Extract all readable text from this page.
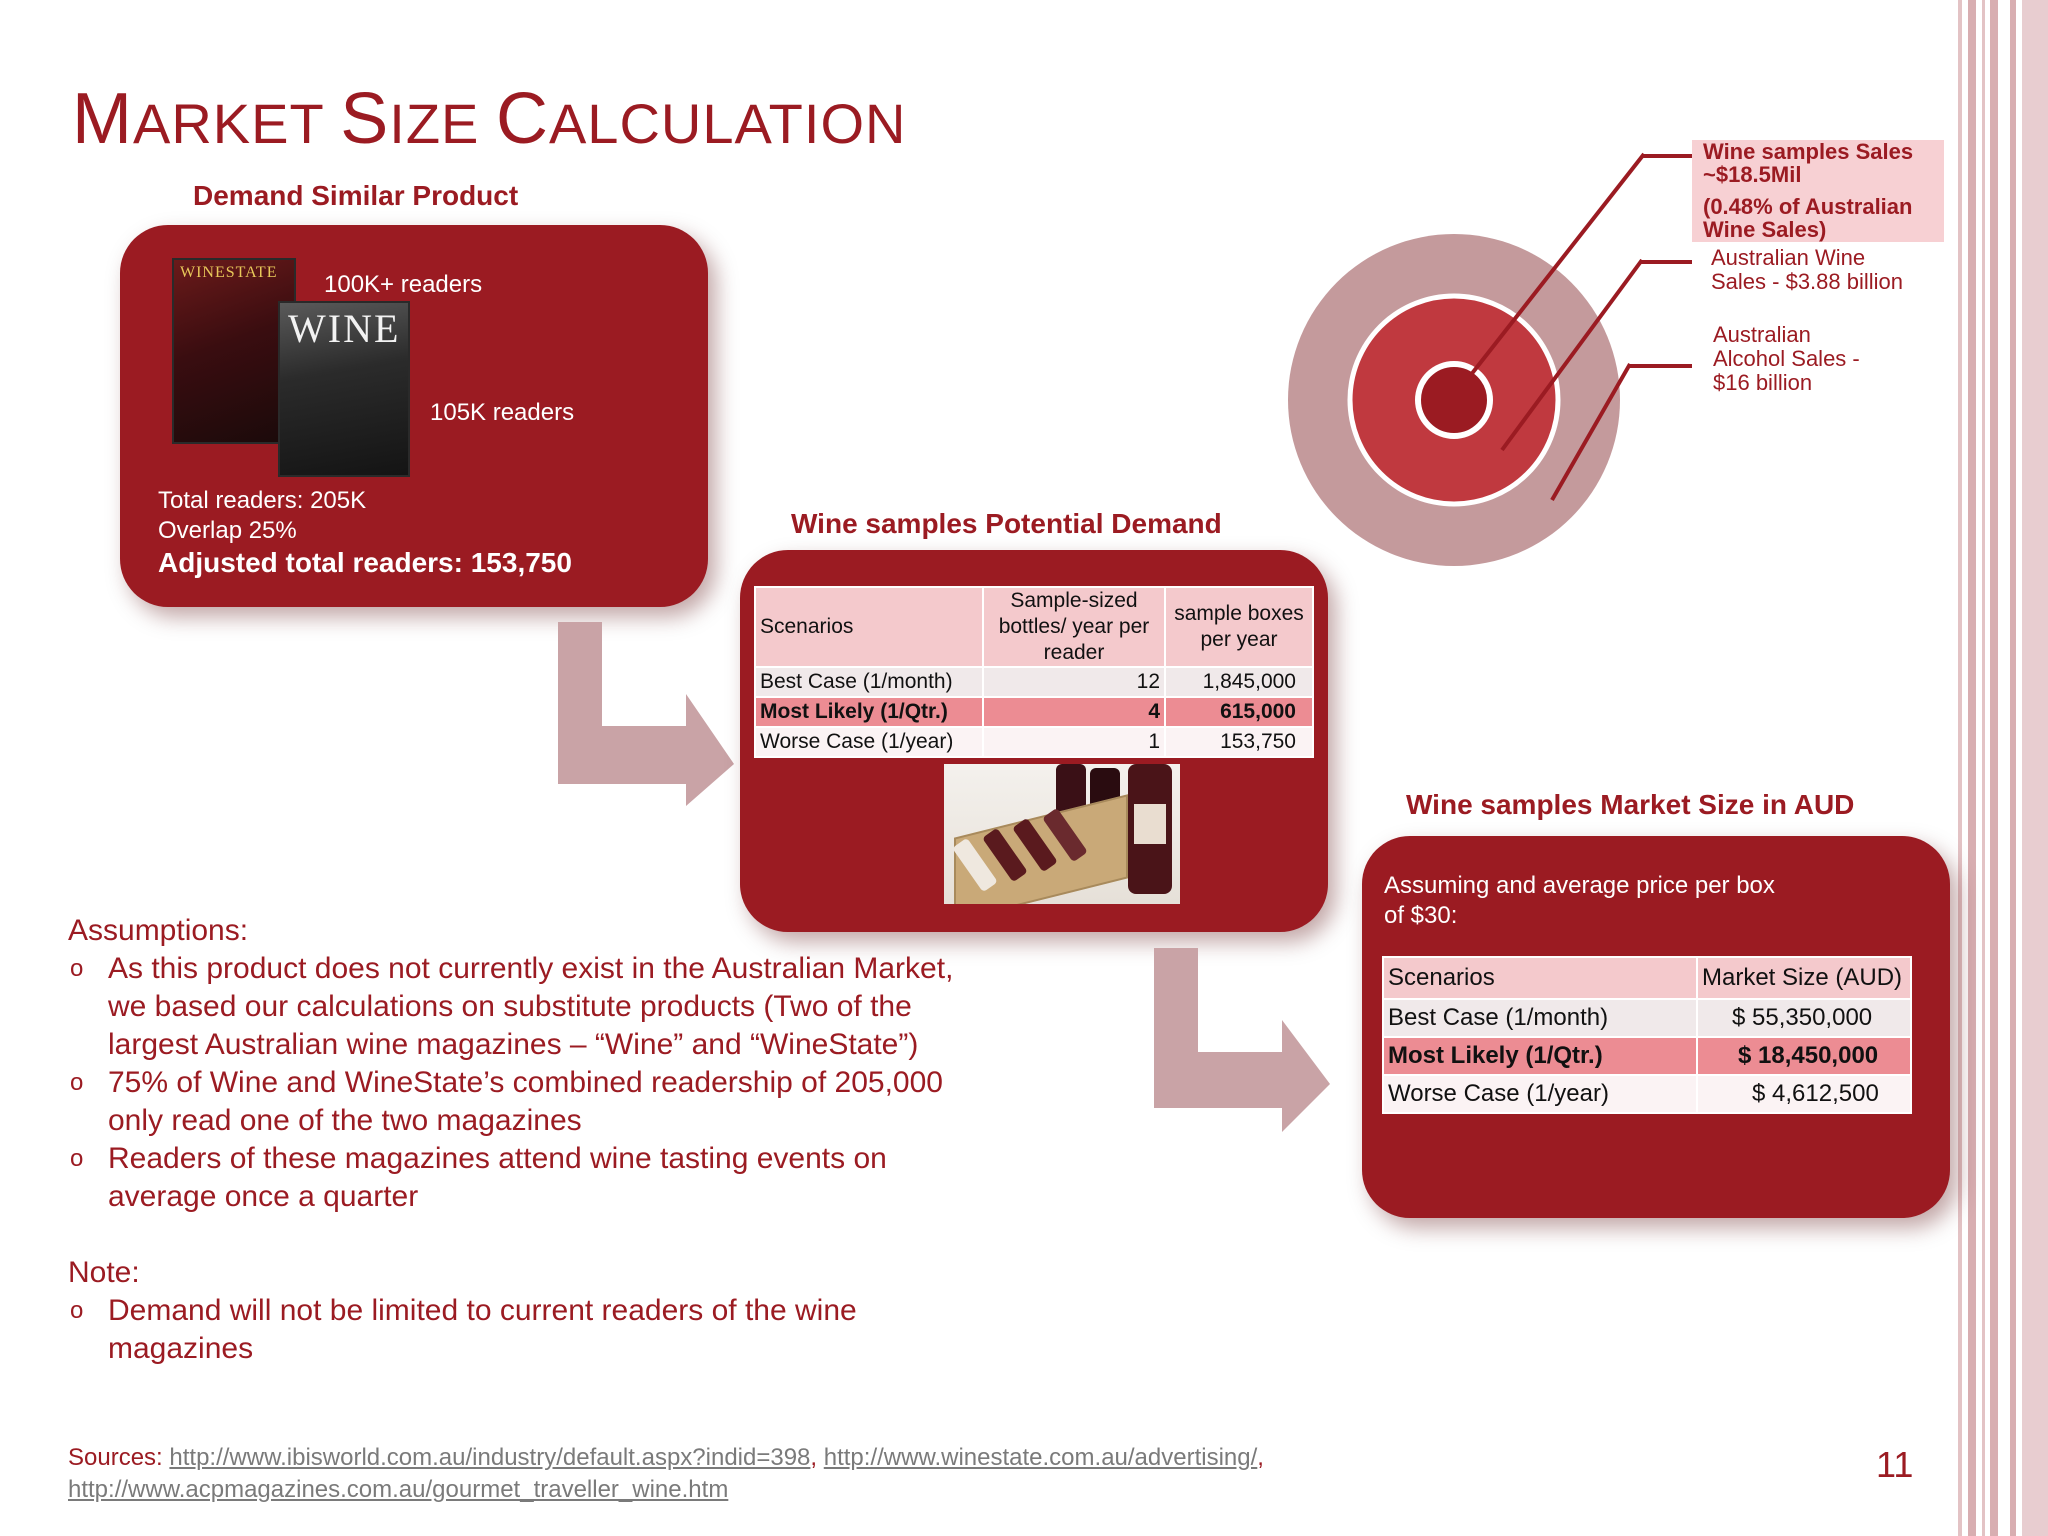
MARKET SIZE CALCULATION
Demand Similar Product
WINESTATE
WINE
100K+ readers
105K readers
Total readers: 205K
Overlap 25%
Adjusted total readers: 153,750
Wine samples Potential Demand
Scenarios	Sample-sized bottles/ year per reader	sample boxes per year
Best Case (1/month)	12	1,845,000
Most Likely (1/Qtr.)	4	615,000
Worse Case (1/year)	1	153,750
Wine samples Market Size in AUD
Assuming and average price per box
of $30:
Scenarios	Market Size (AUD)
Best Case (1/month)	$ 55,350,000
Most Likely (1/Qtr.)	$ 18,450,000
Worse Case (1/year)	$ 4,612,500
Wine samples Sales
~$18.5Mil
(0.48% of Australian
Wine Sales)
Australian Wine
Sales - $3.88 billion
Australian
Alcohol Sales -
$16 billion
Assumptions:
o As this product does not currently exist in the Australian Market, we based our calculations on substitute products (Two of the largest Australian wine magazines – “Wine” and “WineState”)
o 75% of Wine and WineState’s combined readership of 205,000 only read one of the two magazines
o Readers of these magazines attend wine tasting events on average once a quarter
Note:
o Demand will not be limited to current readers of the wine magazines
Sources: http://www.ibisworld.com.au/industry/default.aspx?indid=398, http://www.winestate.com.au/advertising/,
http://www.acpmagazines.com.au/gourmet_traveller_wine.htm
11
